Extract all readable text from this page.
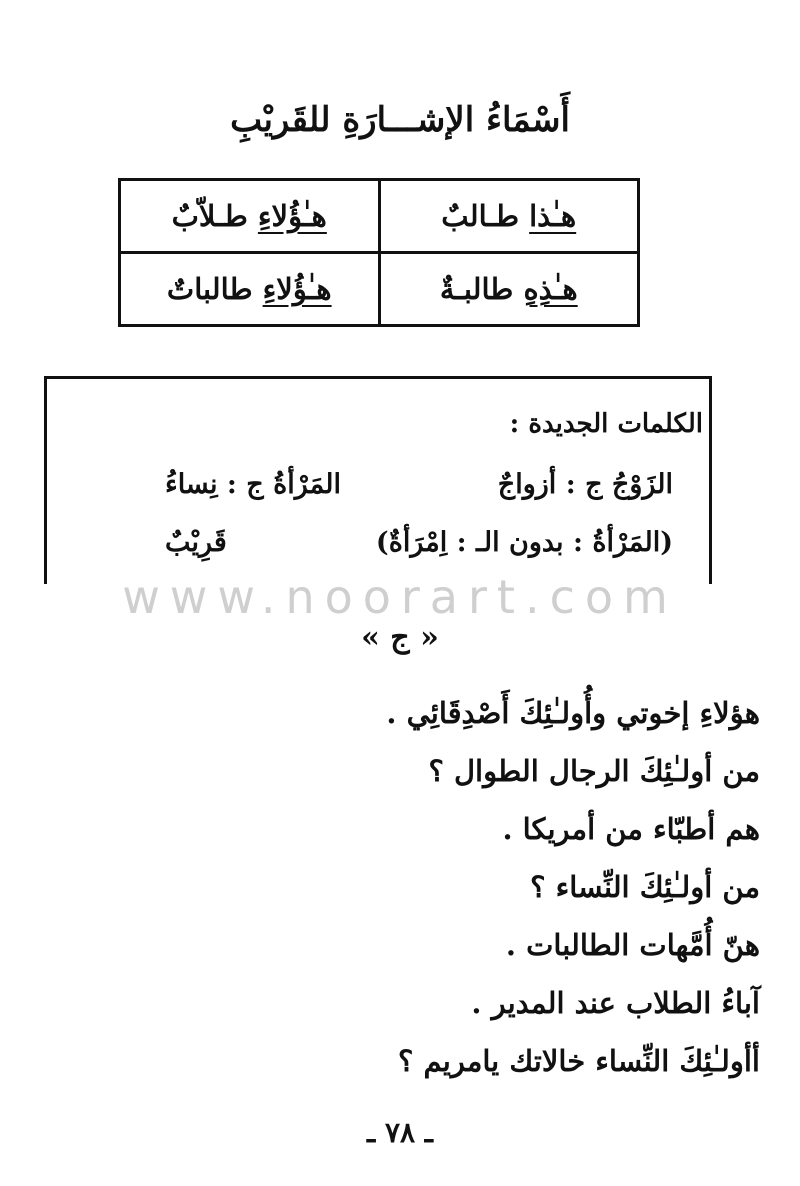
أَسْمَاءُ الإشـــارَةِ للقَريْبِ
هـٰذا طـالبٌ	هـٰؤُلاءِ طـلاّبٌ
هـٰذِهِ طالبـةٌ	هـٰؤُلاءِ طالباتٌ
الكلمات الجديدة :
الزَوْجُ ج : أزواجٌ
المَرْأةُ ج : نِساءُ
(المَرْأةُ : بدون الـ : اِمْرَأةٌ)
قَرِيْبٌ
www.noorart.com
« ج »
هؤلاءِ إخوتي وأُولـٰئِكَ أَصْدِقَائِي .
من أولـٰئِكَ الرجال الطوال ؟
هم أطبّاء من أمريكا .
من أولـٰئِكَ النِّساء ؟
هنّ أُمَّهات الطالبات .
آباءُ الطلاب عند المدير .
أأولـٰئِكَ النِّساء خالاتك يامريم ؟
ـ ٧٨ ـ
